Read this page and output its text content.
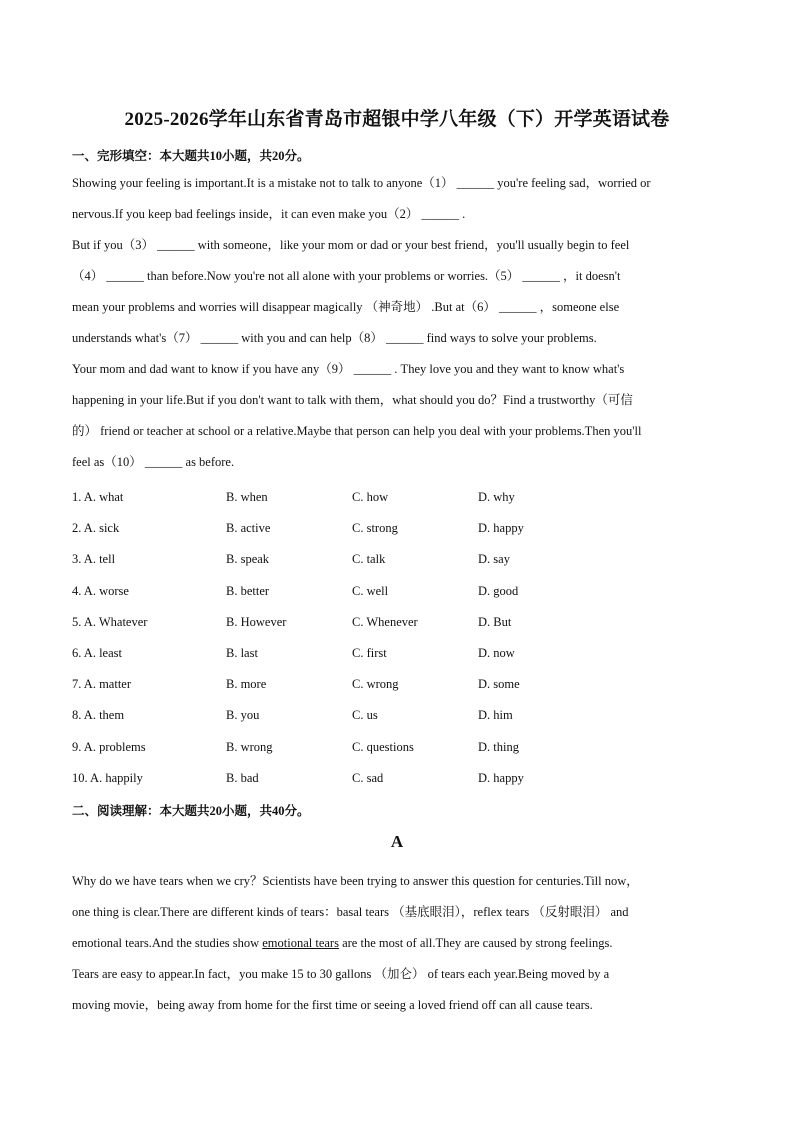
2025-2026学年山东省青岛市超银中学八年级（下）开学英语试卷
一、完形填空：本大题共10小题，共20分。

Showing your feeling is important.It is a mistake not to talk to anyone（1） ______ you're feeling sad，worried or

nervous.If you keep bad feelings inside，it can even make you（2） ______ .

But if you（3） ______ with someone，like your mom or dad or your best friend，you'll usually begin to feel

（4） ______ than before.Now you're not all alone with your problems or worries.（5） ______ ，it doesn't

mean your problems and worries will disappear magically （神奇地） .But at（6） ______ ，someone else

understands what's（7） ______ with you and can help（8） ______ find ways to solve your problems.

Your mom and dad want to know if you have any（9） ______ . They love you and they want to know what's

happening in your life.But if you don't want to talk with them，what should you do？Find a trustworthy（可信

的） friend or teacher at school or a relative.Maybe that person can help you deal with your problems.Then you'll

feel as（10） ______ as before.

1. A. what	B. when	C. how	D. why
2. A. sick	B. active	C. strong	D. happy
3. A. tell	B. speak	C. talk	D. say
4. A. worse	B. better	C. well	D. good
5. A. Whatever	B. However	C. Whenever	D. But
6. A. least	B. last	C. first	D. now
7. A. matter	B. more	C. wrong	D. some
8. A. them	B. you	C. us	D. him
9. A. problems	B. wrong	C. questions	D. thing
10. A. happily	B. bad	C. sad	D. happy
二、阅读理解：本大题共20小题，共40分。
A

Why do we have tears when we cry？Scientists have been trying to answer this question for centuries.Till now，

one thing is clear.There are different kinds of tears：basal tears （基底眼泪），reflex tears （反射眼泪） and

emotional tears.And the studies show emotional tears are the most of all.They are caused by strong feelings.

Tears are easy to appear.In fact，you make 15 to 30 gallons （加仑） of tears each year.Being moved by a

moving movie，being away from home for the first time or seeing a loved friend off can all cause tears.
